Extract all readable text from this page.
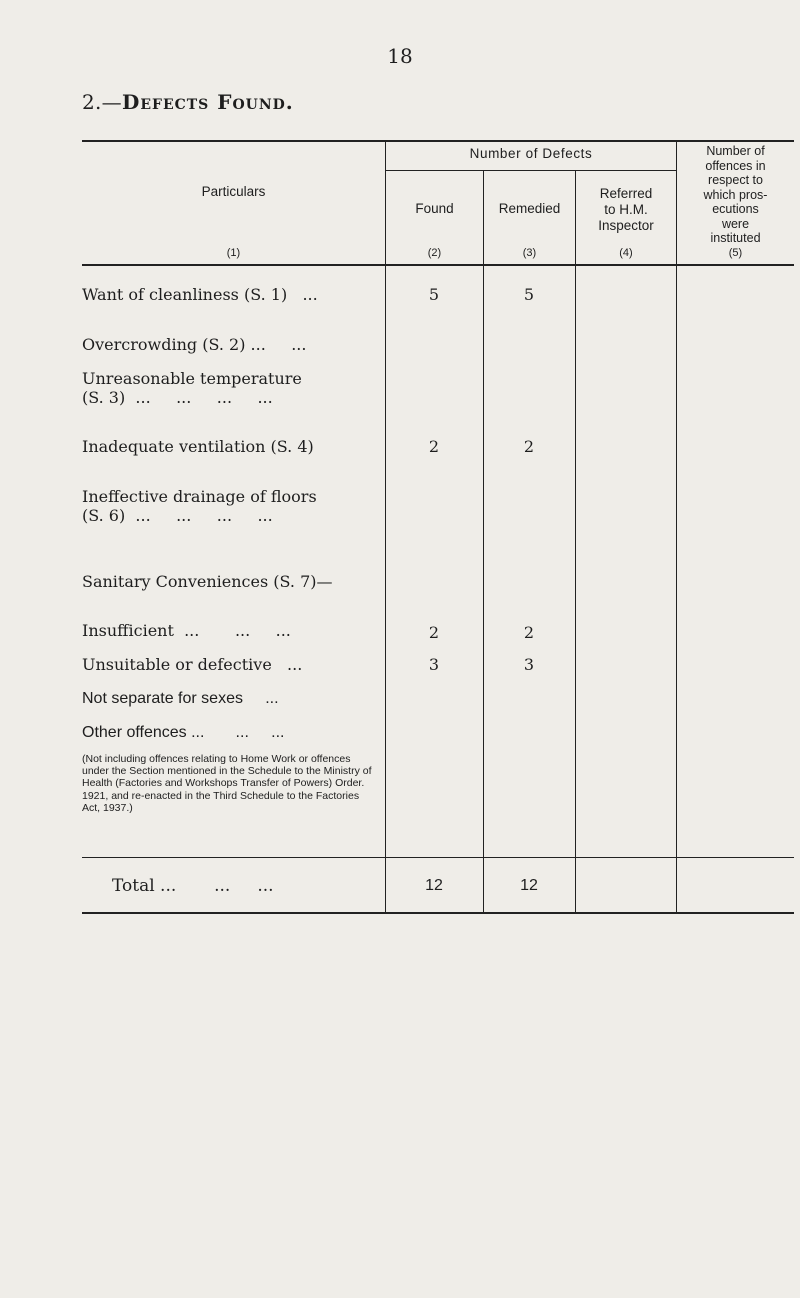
18
2.—Defects Found.
Particulars
Number of Defects
Found	Remedied
Referred
to H.M.
Inspector
Number of
offences in
respect to
which pros-
ecutions
were
instituted
(1)	(2)	(3)	(4)	(5)
Want of cleanliness (S. 1)   ...	5	5
Overcrowding (S. 2) ...     ...
Unreasonable temperature
(S. 3)  ...     ...     ...     ...
Inadequate ventilation (S. 4)	2	2
Ineffective drainage of floors
(S. 6)  ...     ...     ...     ...
Sanitary Conveniences (S. 7)—
Insufficient  ...       ...     ...	2	2
Unsuitable or defective   ...	3	3
Not separate for sexes     ...
Other offences ...       ...     ...
(Not including offences relating to Home Work or offences under the Section mentioned in the Schedule to the Ministry of Health (Factories and Workshops Transfer of Powers) Order. 1921, and re-enacted in the Third Schedule to the Factories Act, 1937.)
Total ...       ...     ...	12	12
